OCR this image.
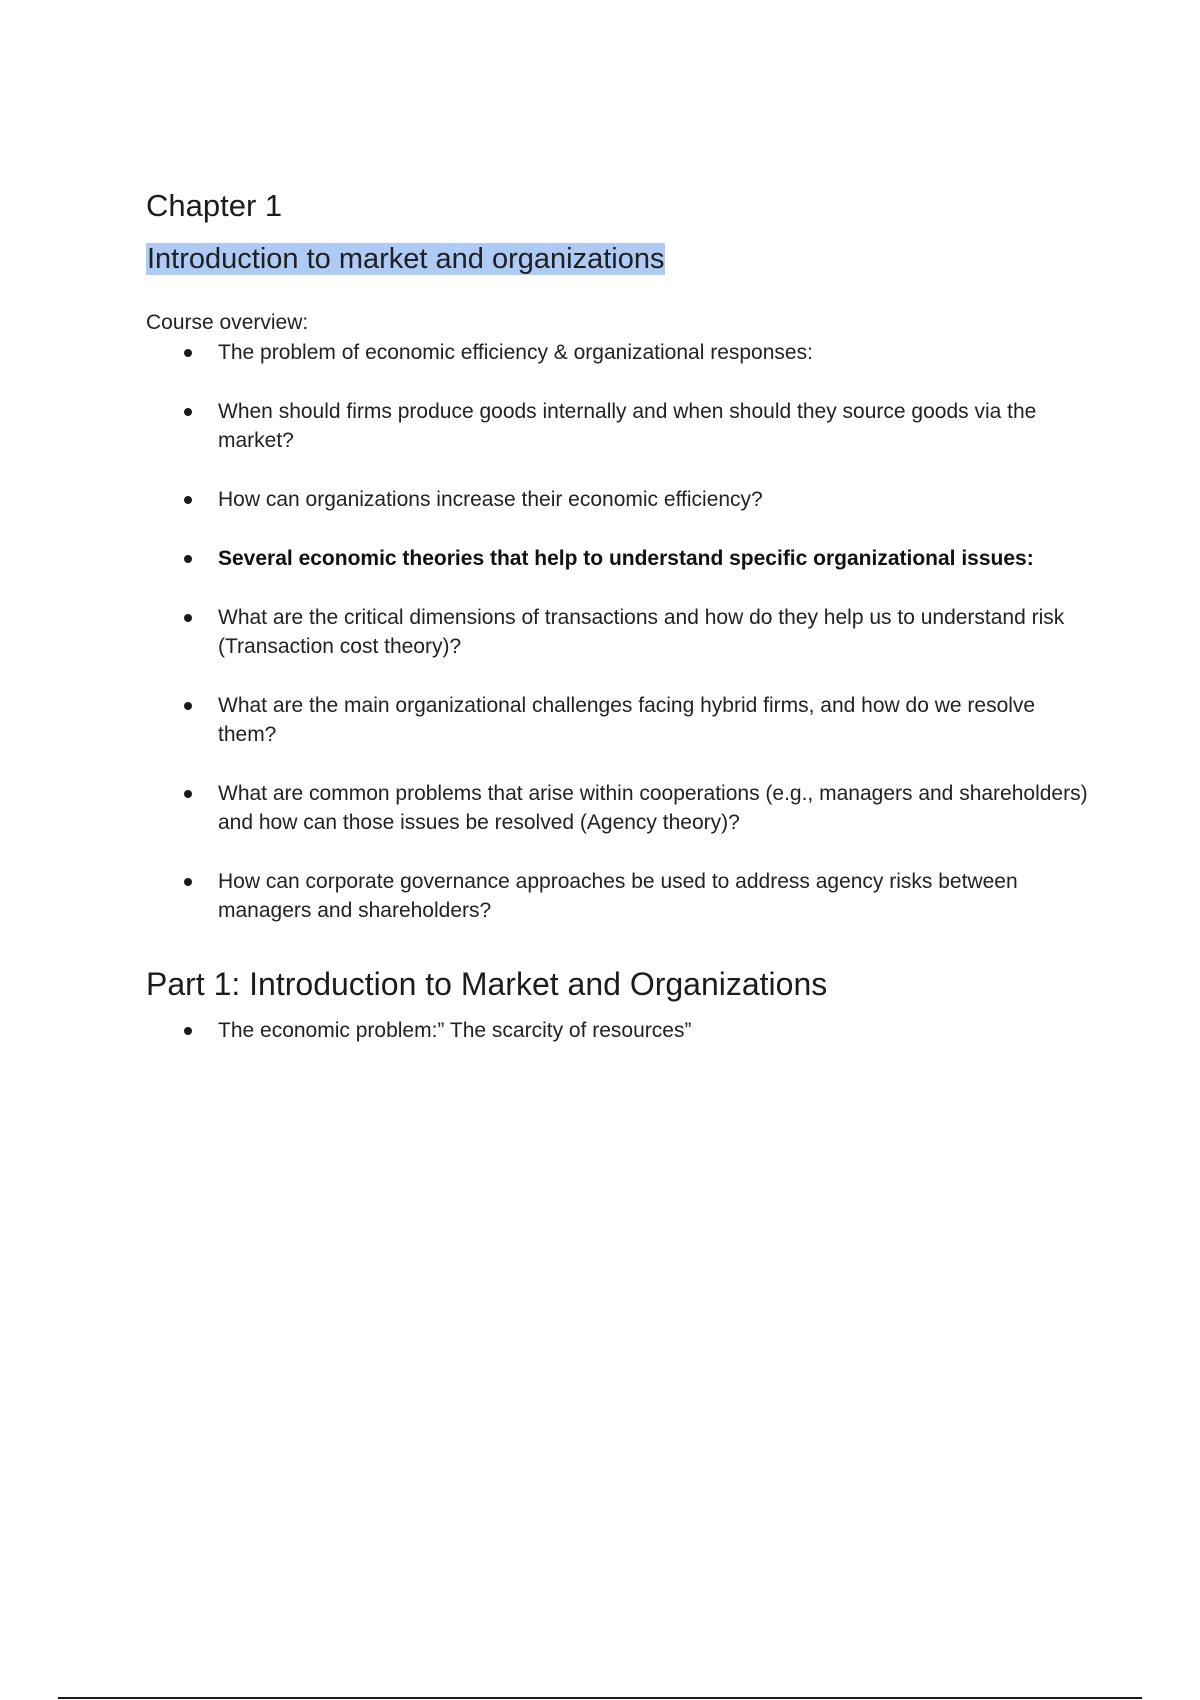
Chapter 1
Introduction to market and organizations
Course overview:
The problem of economic efficiency & organizational responses:
When should firms produce goods internally and when should they source goods via the market?
How can organizations increase their economic efficiency?
Several economic theories that help to understand specific organizational issues:
What are the critical dimensions of transactions and how do they help us to understand risk (Transaction cost theory)?
What are the main organizational challenges facing hybrid firms, and how do we resolve them?
What are common problems that arise within cooperations (e.g., managers and shareholders) and how can those issues be resolved (Agency theory)?
How can corporate governance approaches be used to address agency risks between managers and shareholders?
Part 1: Introduction to Market and Organizations
The economic problem:” The scarcity of resources”
